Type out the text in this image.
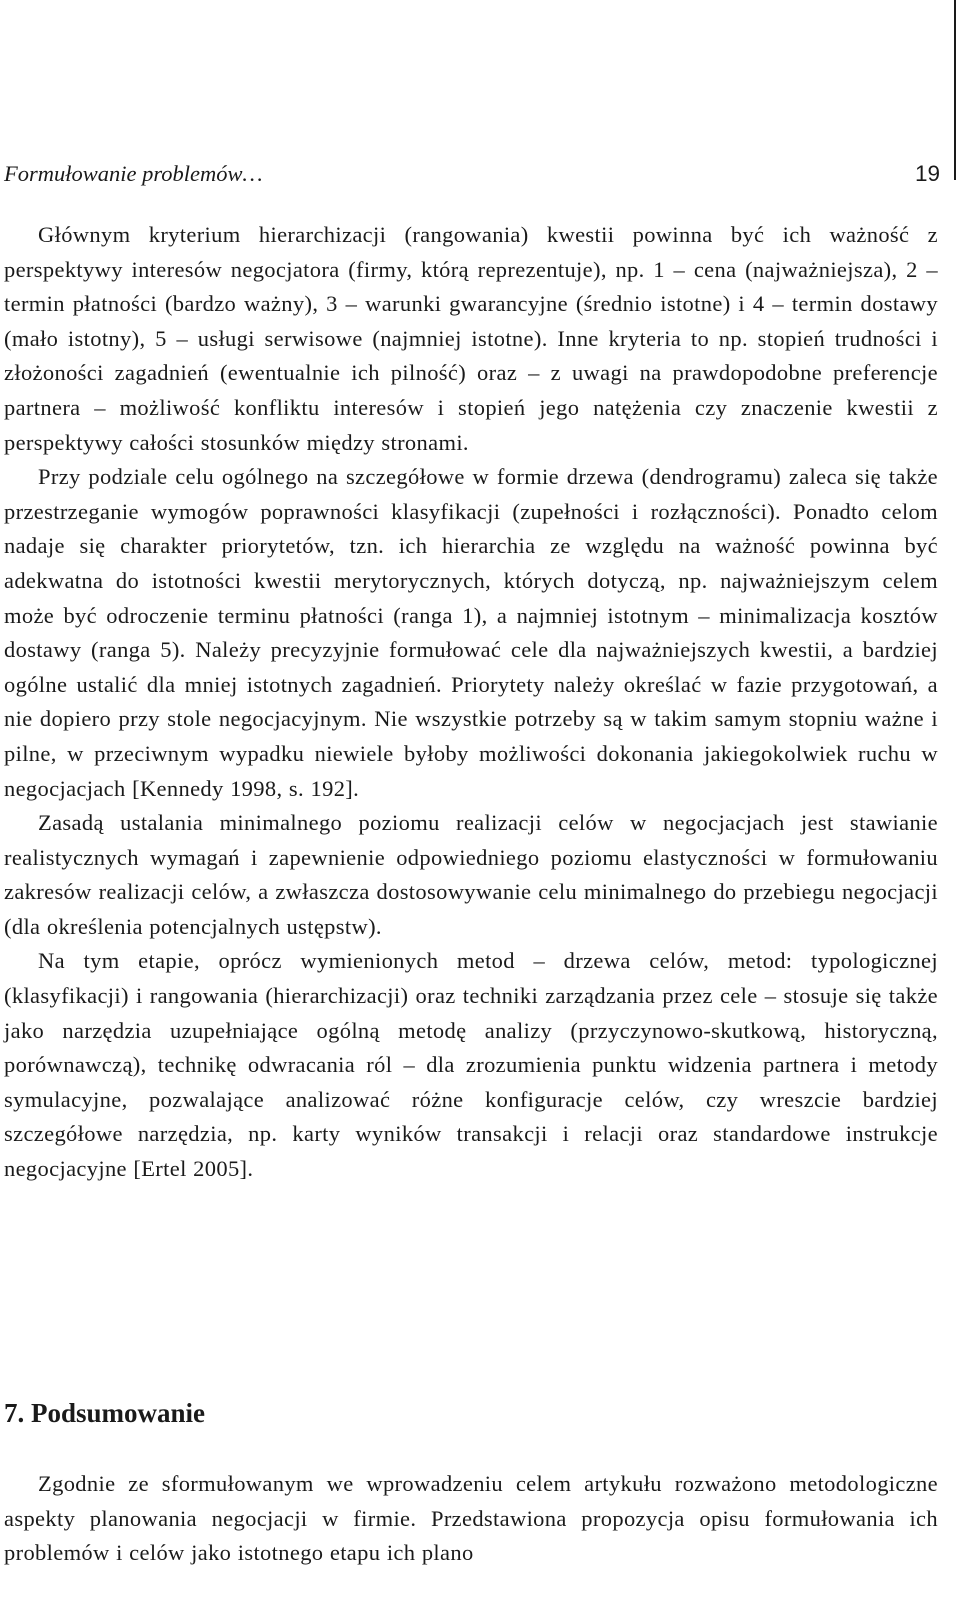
Formułowanie problemów…	19

Głównym kryterium hierarchizacji (rangowania) kwestii powinna być ich ważność z perspektywy interesów negocjatora (firmy, którą reprezentuje), np. 1 – cena (najważniejsza), 2 – termin płatności (bardzo ważny), 3 – warunki gwarancyjne (średnio istotne) i 4 – termin dostawy (mało istotny), 5 – usługi serwisowe (najmniej istotne). Inne kryteria to np. stopień trudności i złożoności zagadnień (ewentualnie ich pilność) oraz – z uwagi na prawdopodobne preferencje partnera – możliwość konfliktu interesów i stopień jego natężenia czy znaczenie kwestii z perspektywy całości stosunków między stronami.

Przy podziale celu ogólnego na szczegółowe w formie drzewa (dendrogramu) zaleca się także przestrzeganie wymogów poprawności klasyfikacji (zupełności i rozłączności). Ponadto celom nadaje się charakter priorytetów, tzn. ich hierarchia ze względu na ważność powinna być adekwatna do istotności kwestii merytorycznych, których dotyczą, np. najważniejszym celem może być odroczenie terminu płatności (ranga 1), a najmniej istotnym – minimalizacja kosztów dostawy (ranga 5). Należy precyzyjnie formułować cele dla najważniejszych kwestii, a bardziej ogólne ustalić dla mniej istotnych zagadnień. Priorytety należy określać w fazie przygotowań, a nie dopiero przy stole negocjacyjnym. Nie wszystkie potrzeby są w takim samym stopniu ważne i pilne, w przeciwnym wypadku niewiele byłoby możliwości dokonania jakiegokolwiek ruchu w negocjacjach [Kennedy 1998, s. 192].

Zasadą ustalania minimalnego poziomu realizacji celów w negocjacjach jest stawianie realistycznych wymagań i zapewnienie odpowiedniego poziomu elastyczności w formułowaniu zakresów realizacji celów, a zwłaszcza dostosowywanie celu minimalnego do przebiegu negocjacji (dla określenia potencjalnych ustępstw).

Na tym etapie, oprócz wymienionych metod – drzewa celów, metod: typologicznej (klasyfikacji) i rangowania (hierarchizacji) oraz techniki zarządzania przez cele – stosuje się także jako narzędzia uzupełniające ogólną metodę analizy (przyczynowo-skutkową, historyczną, porównawczą), technikę odwracania ról – dla zrozumienia punktu widzenia partnera i metody symulacyjne, pozwalające analizować różne konfiguracje celów, czy wreszcie bardziej szczegółowe narzędzia, np. karty wyników transakcji i relacji oraz standardowe instrukcje negocjacyjne [Ertel 2005].

7. Podsumowanie

Zgodnie ze sformułowanym we wprowadzeniu celem artykułu rozważono metodologiczne aspekty planowania negocjacji w firmie. Przedstawiona propozycja opisu formułowania ich problemów i celów jako istotnego etapu ich plano
